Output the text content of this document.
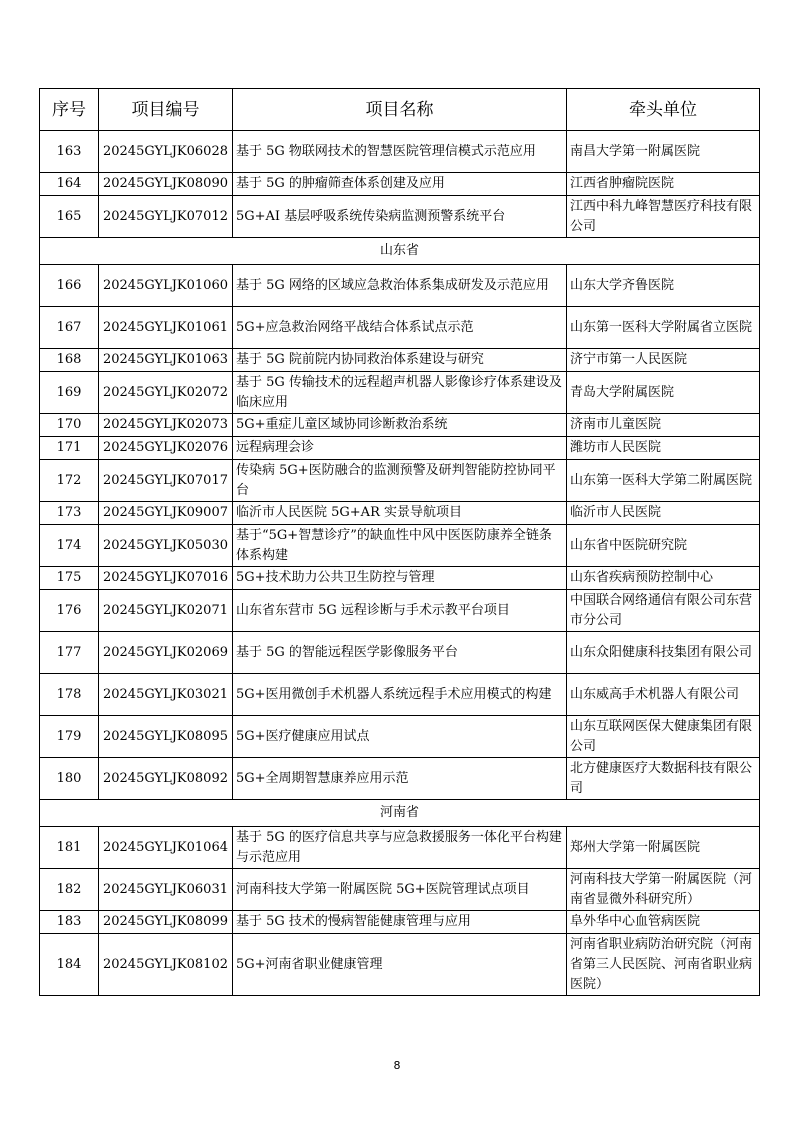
序号	项目编号	项目名称	牵头单位
163	20245GYLJK06028	基于 5G 物联网技术的智慧医院管理信模式示范应用	南昌大学第一附属医院
164	20245GYLJK08090	基于 5G 的肿瘤筛查体系创建及应用	江西省肿瘤院医院
165	20245GYLJK07012	5G+AI 基层呼吸系统传染病监测预警系统平台	江西中科九峰智慧医疗科技有限公司
山东省			
166	20245GYLJK01060	基于 5G 网络的区域应急救治体系集成研发及示范应用	山东大学齐鲁医院
167	20245GYLJK01061	5G+应急救治网络平战结合体系试点示范	山东第一医科大学附属省立医院
168	20245GYLJK01063	基于 5G 院前院内协同救治体系建设与研究	济宁市第一人民医院
169	20245GYLJK02072	基于 5G 传输技术的远程超声机器人影像诊疗体系建设及临床应用	青岛大学附属医院
170	20245GYLJK02073	5G+重症儿童区域协同诊断救治系统	济南市儿童医院
171	20245GYLJK02076	远程病理会诊	潍坊市人民医院
172	20245GYLJK07017	传染病 5G+医防融合的监测预警及研判智能防控协同平台	山东第一医科大学第二附属医院
173	20245GYLJK09007	临沂市人民医院 5G+AR 实景导航项目	临沂市人民医院
174	20245GYLJK05030	基于“5G+智慧诊疗”的缺血性中风中医医防康养全链条体系构建	山东省中医院研究院
175	20245GYLJK07016	5G+技术助力公共卫生防控与管理	山东省疾病预防控制中心
176	20245GYLJK02071	山东省东营市 5G 远程诊断与手术示教平台项目	中国联合网络通信有限公司东营市分公司
177	20245GYLJK02069	基于 5G 的智能远程医学影像服务平台	山东众阳健康科技集团有限公司
178	20245GYLJK03021	5G+医用微创手术机器人系统远程手术应用模式的构建	山东威高手术机器人有限公司
179	20245GYLJK08095	5G+医疗健康应用试点	山东互联网医保大健康集团有限公司
180	20245GYLJK08092	5G+全周期智慧康养应用示范	北方健康医疗大数据科技有限公司
河南省			
181	20245GYLJK01064	基于 5G 的医疗信息共享与应急救援服务一体化平台构建与示范应用	郑州大学第一附属医院
182	20245GYLJK06031	河南科技大学第一附属医院 5G+医院管理试点项目	河南科技大学第一附属医院（河南省显微外科研究所）
183	20245GYLJK08099	基于 5G 技术的慢病智能健康管理与应用	阜外华中心血管病医院
184	20245GYLJK08102	5G+河南省职业健康管理	河南省职业病防治研究院（河南省第三人民医院、河南省职业病医院）
8
